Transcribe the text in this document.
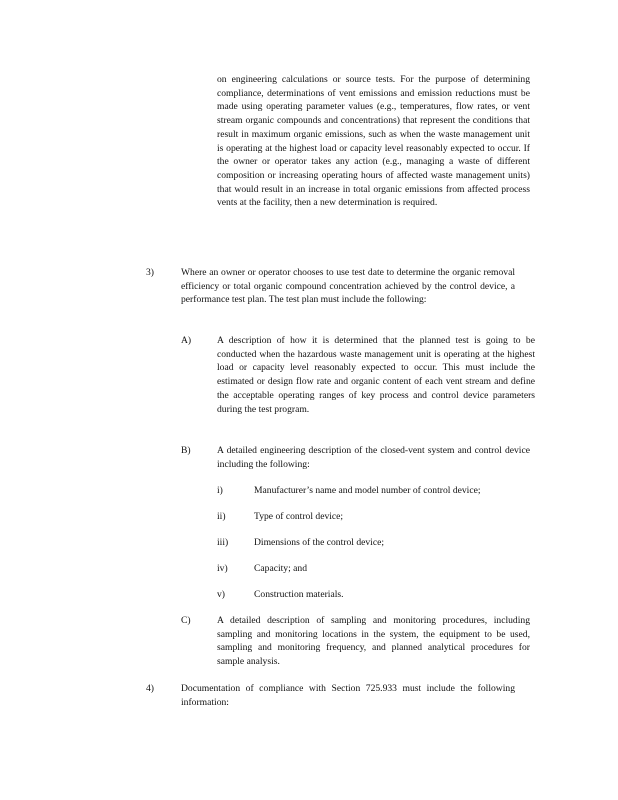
on engineering calculations or source tests. For the purpose of determining compliance, determinations of vent emissions and emission reductions must be made using operating parameter values (e.g., temperatures, flow rates, or vent stream organic compounds and concentrations) that represent the conditions that result in maximum organic emissions, such as when the waste management unit is operating at the highest load or capacity level reasonably expected to occur. If the owner or operator takes any action (e.g., managing a waste of different composition or increasing operating hours of affected waste management units) that would result in an increase in total organic emissions from affected process vents at the facility, then a new determination is required.

3)	Where an owner or operator chooses to use test date to determine the organic removal efficiency or total organic compound concentration achieved by the control device, a performance test plan. The test plan must include the following:

A)	A description of how it is determined that the planned test is going to be conducted when the hazardous waste management unit is operating at the highest load or capacity level reasonably expected to occur. This must include the estimated or design flow rate and organic content of each vent stream and define the acceptable operating ranges of key process and control device parameters during the test program.

B)	A detailed engineering description of the closed-vent system and control device including the following:

i)	Manufacturer’s name and model number of control device;
ii)	Type of control device;
iii)	Dimensions of the control device;
iv)	Capacity; and
v)	Construction materials.
C)	A detailed description of sampling and monitoring procedures, including sampling and monitoring locations in the system, the equipment to be used, sampling and monitoring frequency, and planned analytical procedures for sample analysis.

4)	Documentation of compliance with Section 725.933 must include the following information:
